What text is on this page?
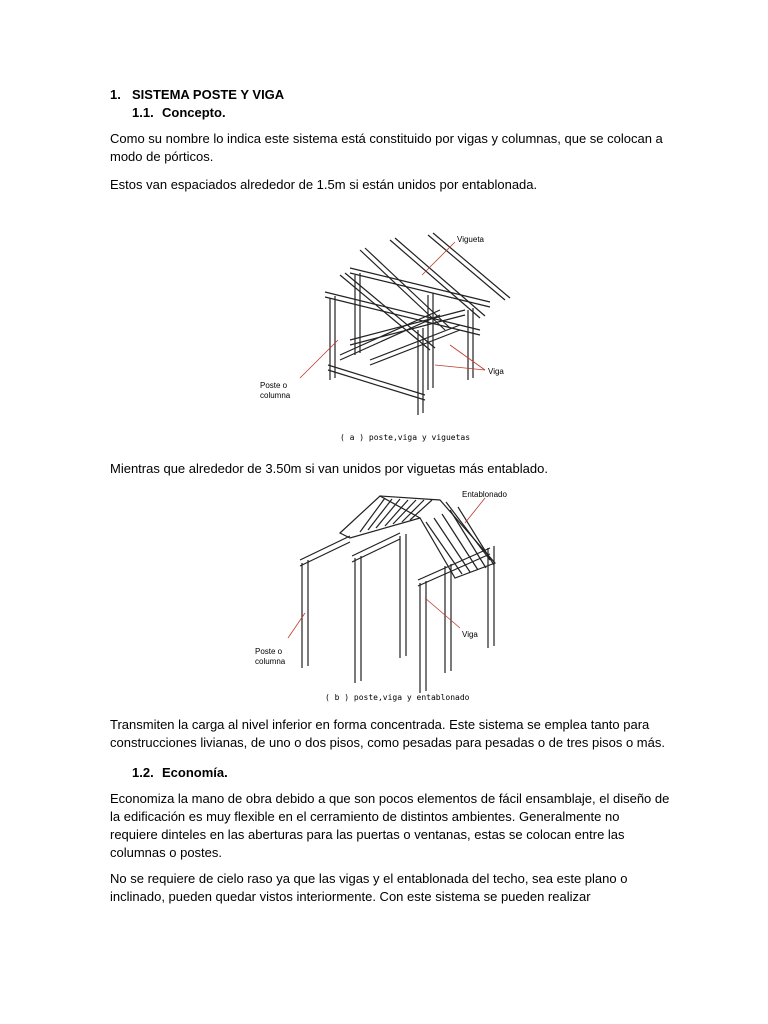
1. SISTEMA POSTE Y VIGA

1.1. Concepto.

Como su nombre lo indica este sistema está constituido por vigas y columnas, que se colocan a modo de pórticos.

Estos van espaciados alrededor de 1.5m si están unidos por entablonada.

Vigueta
Viga
Poste o
columna
( a ) poste,viga y viguetas

Mientras que alrededor de 3.50m si van unidos por viguetas más entablado.

Entablonado
Viga
Poste o
columna
( b ) poste,viga y entablonado

Transmiten la carga al nivel inferior en forma concentrada. Este sistema se emplea tanto para construcciones livianas, de uno o dos pisos, como pesadas para pesadas o de tres pisos o más.

1.2. Economía.

Economiza la mano de obra debido a que son pocos elementos de fácil ensamblaje, el diseño de la edificación es muy flexible en el cerramiento de distintos ambientes. Generalmente no requiere dinteles en las aberturas para las puertas o ventanas, estas se colocan entre las columnas o postes.

No se requiere de cielo raso ya que las vigas y el entablonada del techo, sea este plano o inclinado, pueden quedar vistos interiormente. Con este sistema se pueden realizar
